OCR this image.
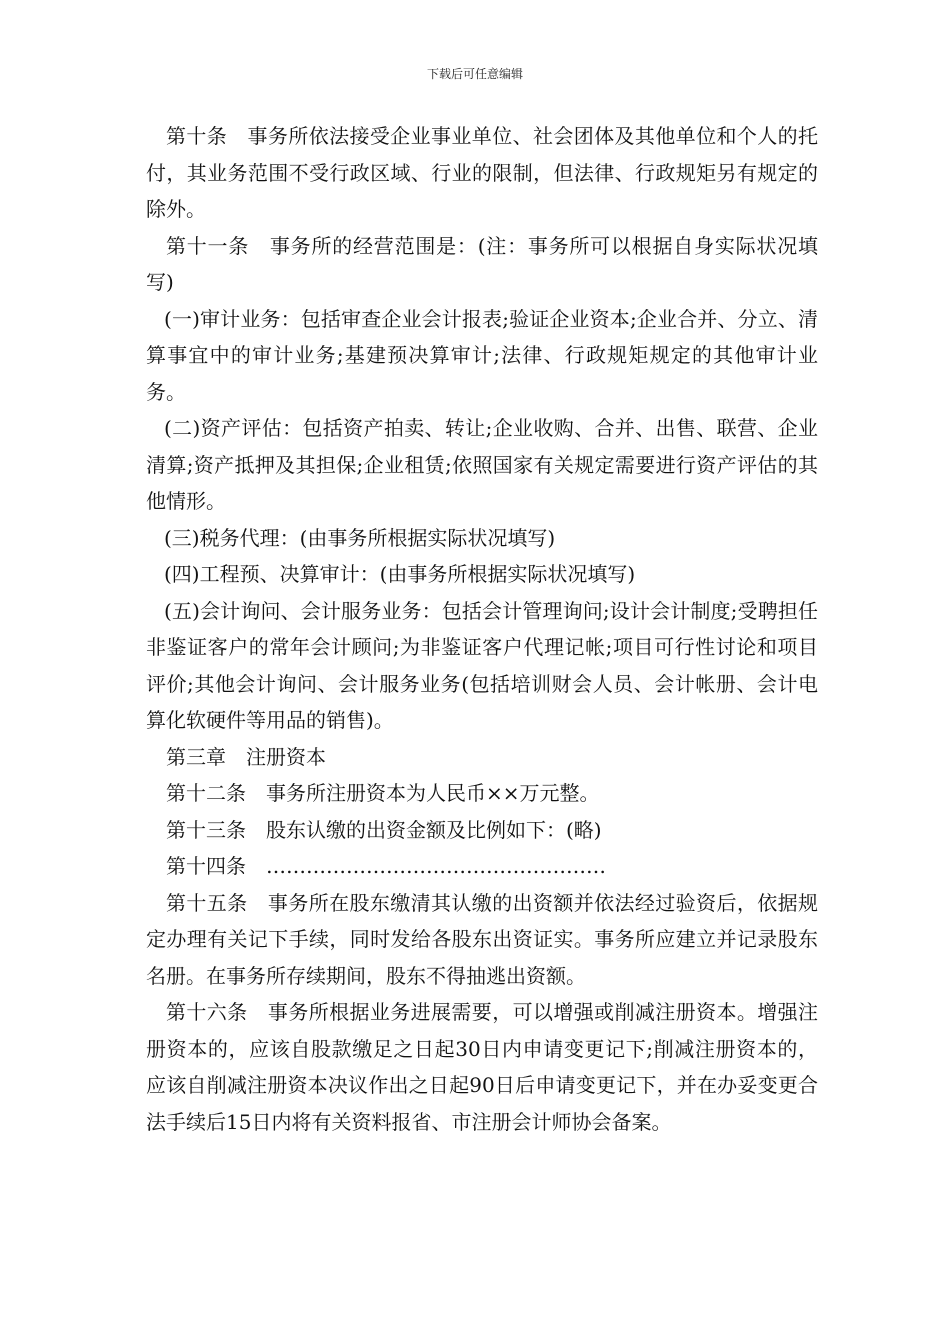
下载后可任意编辑

第十条　事务所依法接受企业事业单位、社会团体及其他单位和个人的托付，其业务范围不受行政区域、行业的限制，但法律、行政规矩另有规定的除外。

第十一条　事务所的经营范围是：(注：事务所可以根据自身实际状况填写)

(一)审计业务：包括审查企业会计报表;验证企业资本;企业合并、分立、清算事宜中的审计业务;基建预决算审计;法律、行政规矩规定的其他审计业务。

(二)资产评估：包括资产拍卖、转让;企业收购、合并、出售、联营、企业清算;资产抵押及其担保;企业租赁;依照国家有关规定需要进行资产评估的其他情形。

(三)税务代理：(由事务所根据实际状况填写)

(四)工程预、决算审计：(由事务所根据实际状况填写)

(五)会计询问、会计服务业务：包括会计管理询问;设计会计制度;受聘担任非鉴证客户的常年会计顾问;为非鉴证客户代理记帐;项目可行性讨论和项目评价;其他会计询问、会计服务业务(包括培训财会人员、会计帐册、会计电算化软硬件等用品的销售)。

第三章　注册资本

第十二条　事务所注册资本为人民币××万元整。

第十三条　股东认缴的出资金额及比例如下：(略)

第十四条　……………………………………………

第十五条　事务所在股东缴清其认缴的出资额并依法经过验资后，依据规定办理有关记下手续，同时发给各股东出资证实。事务所应建立并记录股东名册。在事务所存续期间，股东不得抽逃出资额。

第十六条　事务所根据业务进展需要，可以增强或削减注册资本。增强注册资本的，应该自股款缴足之日起30日内申请变更记下;削减注册资本的，应该自削减注册资本决议作出之日起90日后申请变更记下，并在办妥变更合法手续后15日内将有关资料报省、市注册会计师协会备案。
